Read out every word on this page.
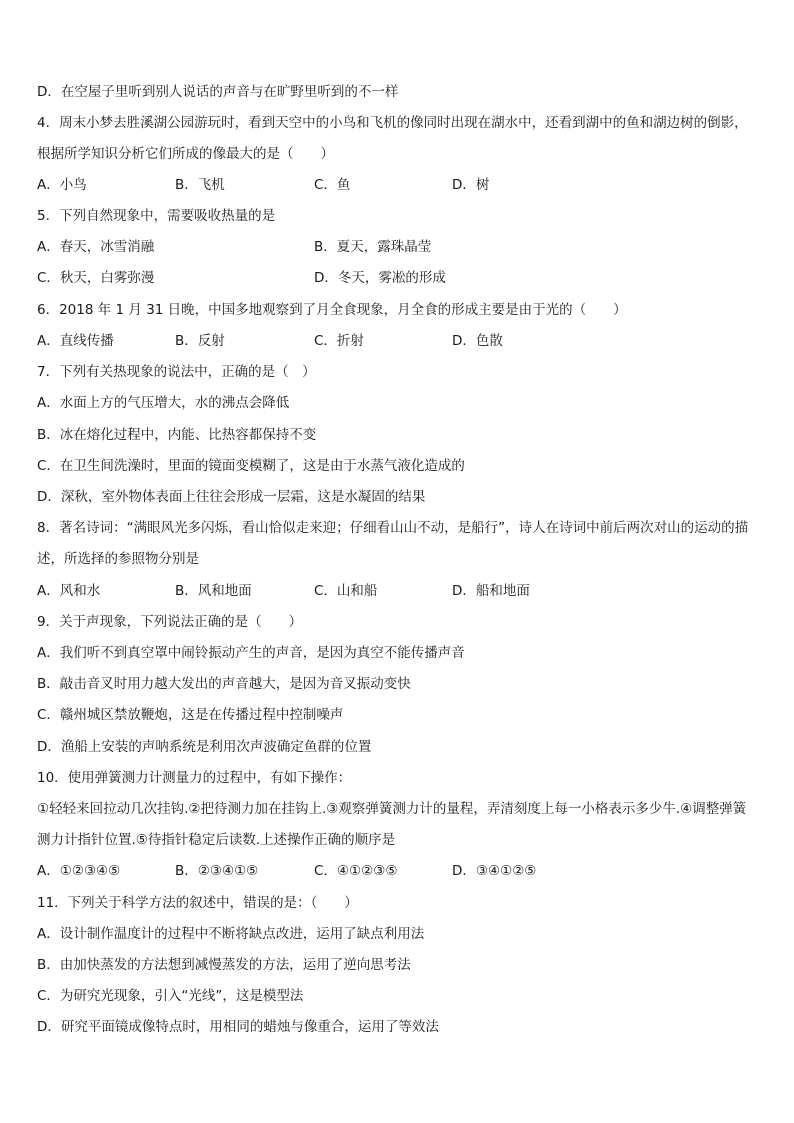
D．在空屋子里听到别人说话的声音与在旷野里听到的不一样
4．周末小梦去胜溪湖公园游玩时，看到天空中的小鸟和飞机的像同时出现在湖水中，还看到湖中的鱼和湖边树的倒影，根据所学知识分析它们所成的像最大的是（　　）
A．小鸟	B．飞机	C．鱼	D．树
5．下列自然现象中，需要吸收热量的是
A．春天，冰雪消融	B．夏天，露珠晶莹
C．秋天，白雾弥漫	D．冬天，雾凇的形成
6．2018 年 1 月 31 日晚，中国多地观察到了月全食现象，月全食的形成主要是由于光的（　　）
A．直线传播	B．反射	C．折射	D．色散
7．下列有关热现象的说法中，正确的是（　）
A．水面上方的气压增大，水的沸点会降低
B．冰在熔化过程中，内能、比热容都保持不变
C．在卫生间洗澡时，里面的镜面变模糊了，这是由于水蒸气液化造成的
D．深秋，室外物体表面上往往会形成一层霜，这是水凝固的结果
8．著名诗词：“满眼风光多闪烁，看山恰似走来迎；仔细看山山不动，是船行”，诗人在诗词中前后两次对山的运动的描述，所选择的参照物分别是
A．风和水	B．风和地面	C．山和船	D．船和地面
9．关于声现象，下列说法正确的是（　　）
A．我们听不到真空罩中闹铃振动产生的声音，是因为真空不能传播声音
B．敲击音叉时用力越大发出的声音越大，是因为音叉振动变快
C．赣州城区禁放鞭炮，这是在传播过程中控制噪声
D．渔船上安装的声呐系统是利用次声波确定鱼群的位置
10．使用弹簧测力计测量力的过程中，有如下操作：
①轻轻来回拉动几次挂钩.②把待测力加在挂钩上.③观察弹簧测力计的量程，弄清刻度上每一小格表示多少牛.④调整弹簧测力计指针位置.⑤待指针稳定后读数.上述操作正确的顺序是
A．①②③④⑤	B．②③④①⑤	C．④①②③⑤	D．③④①②⑤
11．下列关于科学方法的叙述中，错误的是：（　　）
A．设计制作温度计的过程中不断将缺点改进，运用了缺点利用法
B．由加快蒸发的方法想到减慢蒸发的方法，运用了逆向思考法
C．为研究光现象，引入“光线”，这是模型法
D．研究平面镜成像特点时，用相同的蜡烛与像重合，运用了等效法
